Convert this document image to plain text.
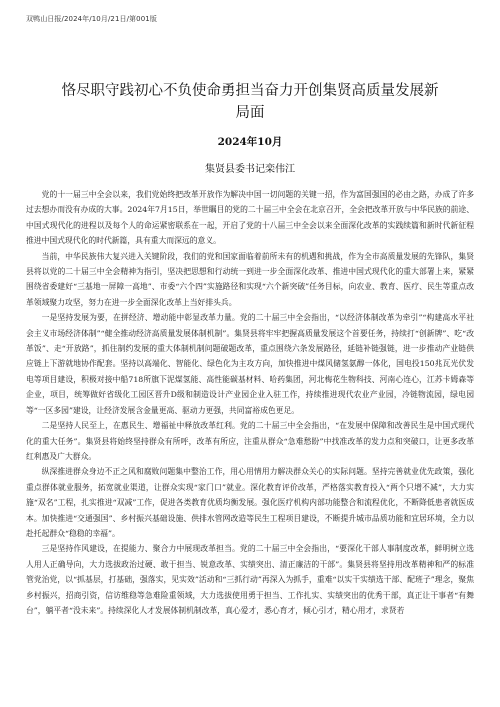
双鸭山日报/2024年/10月/21日/第001版
恪尽职守践初心不负使命勇担当奋力开创集贤高质量发展新局面
2024年10月
集贤县委书记栾伟江

党的十一届三中全会以来，我们党始终把改革开放作为解决中国一切问题的关键一招，作为富国强国的必由之路，办成了许多过去想办而没有办成的大事。2024年7月15日，举世瞩目的党的二十届三中全会在北京召开，全会把改革开放与中华民族的前途、中国式现代化的进程以及每个人的命运紧密联系在一起，开启了党的十八届三中全会以来全面深化改革的实践续篇和新时代新征程推进中国式现代化的时代新篇，具有重大而深远的意义。

当前，中华民族伟大复兴进入关键阶段，我们的党和国家面临着前所未有的机遇和挑战，作为全市高质量发展的先锋队，集贤县将以党的二十届三中全会精神为指引，坚决把思想和行动统一到进一步全面深化改革、推进中国式现代化的重大部署上来，紧紧围绕省委建好“三基地一屏障一高地”、市委“六个四”实施路径和实现“六个新突破”任务目标，向农业、教育、医疗、民生等重点改革领域聚力攻坚，努力在进一步全面深化改革上当好排头兵。

一是坚持发展为要，在拼经济、增动能中彰显改革力量。党的二十届三中全会指出，“以经济体制改革为牵引”“构建高水平社会主义市场经济体制”“健全推动经济高质量发展体制机制”。集贤县将牢牢把握高质量发展这个首要任务，持续打“创新牌”、吃“改革饭”、走“开放路”，抓住制约发展的重大体制机制问题破题改革，重点围绕六条发展路径，延链补链强链，进一步推动产业链供应链上下游就地协作配套。坚持以高端化、智能化、绿色化为主攻方向，加快推进中煤风储氢氨醇一体化，国电投150兆瓦光伏发电等项目建设，积极对接中船718所旗下泥煤氢能、高性能碳基材料、哈药集团，河北梅花生物科技、河南心连心，江苏卡姆森等企业，项目，统筹做好省级化工园区晋升D级和制造设计产业园企业入驻工作，持续推进现代农业产业园，冷链物流园，绿电园等“一区多园”建设，让经济发展含金量更高、驱动力更强，共同富裕成色更足。

二是坚持人民至上，在惠民生、增福祉中释放改革红利。党的二十届三中全会指出，“在发展中保障和改善民生是中国式现代化的重大任务”。集贤县将始终坚持群众有所呼，改革有所应，注重从群众“急难愁盼”中找准改革的发力点和突破口，让更多改革红利惠及广大群众。

纵深推进群众身边不正之风和腐败问题集中整治工作，用心用情用力解决群众关心的实际问题。坚持完善就业优先政策，强化重点群体就业服务，拓宽就业渠道，让群众实现“家门口”就业。深化教育评价改革，严格落实教育投入“两个只增不减”，大力实施“双名”工程，扎实推进“双减”工作，促进各类教育优质均衡发展。强化医疗机构内部功能整合和流程优化，不断降低患者就医成本。加快推进“交通强国”、乡村振兴基础设施、供排水管网改造等民生工程项目建设，不断提升城市品质功能和宜居环境，全力以赴托起群众“稳稳的幸福”。

三是坚持作风建设，在提能力、聚合力中展现改革担当。党的二十届三中全会指出，“要深化干部人事制度改革，鲜明树立选人用人正确导向，大力选拔政治过硬、敢于担当、锐意改革、实绩突出、清正廉洁的干部”。集贤县将坚持用改革精神和严的标准管党治党，以“抓基层，打基础，强落实，见实效”活动和“三抓行动”再深入为抓手，重难“以实干实绩选干部、配班子”理念，聚焦乡村振兴，招商引资，信访维稳等急难险重领域，大力选拔使用勇于担当、工作扎实、实绩突出的优秀干部，真正让干事者“有舞台”，躺平者“没未来”。持续深化人才发展体制机制改革，真心爱才，悉心育才，倾心引才，精心用才，求贤若
